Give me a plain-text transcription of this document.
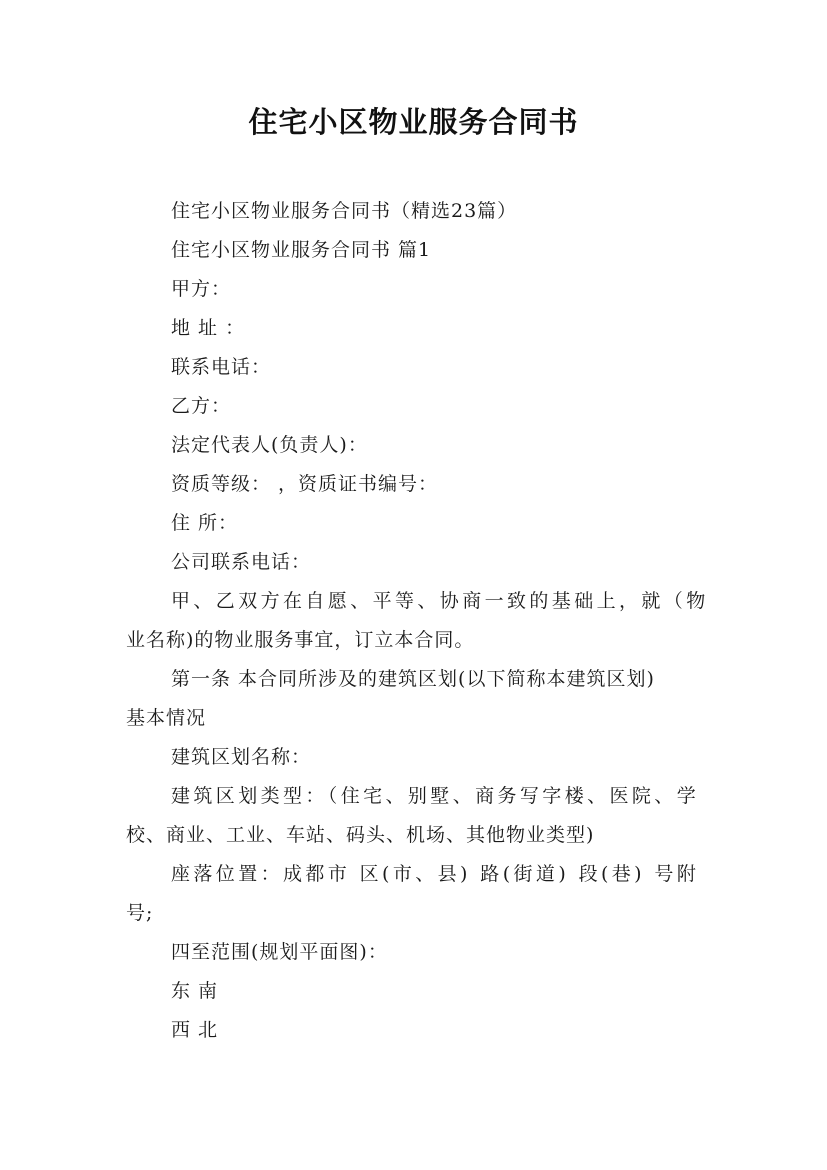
住宅小区物业服务合同书
住宅小区物业服务合同书（精选23篇）
住宅小区物业服务合同书 篇1
甲方：
地 址 ：
联系电话：
乙方：
法定代表人(负责人)：
资质等级： ，资质证书编号：
住 所：
公司联系电话：
甲、乙双方在自愿、平等、协商一致的基础上，就（物
业名称)的物业服务事宜，订立本合同。
第一条 本合同所涉及的建筑区划(以下简称本建筑区划)
基本情况
建筑区划名称：
建筑区划类型：（住宅、别墅、商务写字楼、医院、学
校、商业、工业、车站、码头、机场、其他物业类型)
座落位置：成都市 区(市、县) 路(街道) 段(巷) 号附
号;
四至范围(规划平面图)：
东 南
西 北
